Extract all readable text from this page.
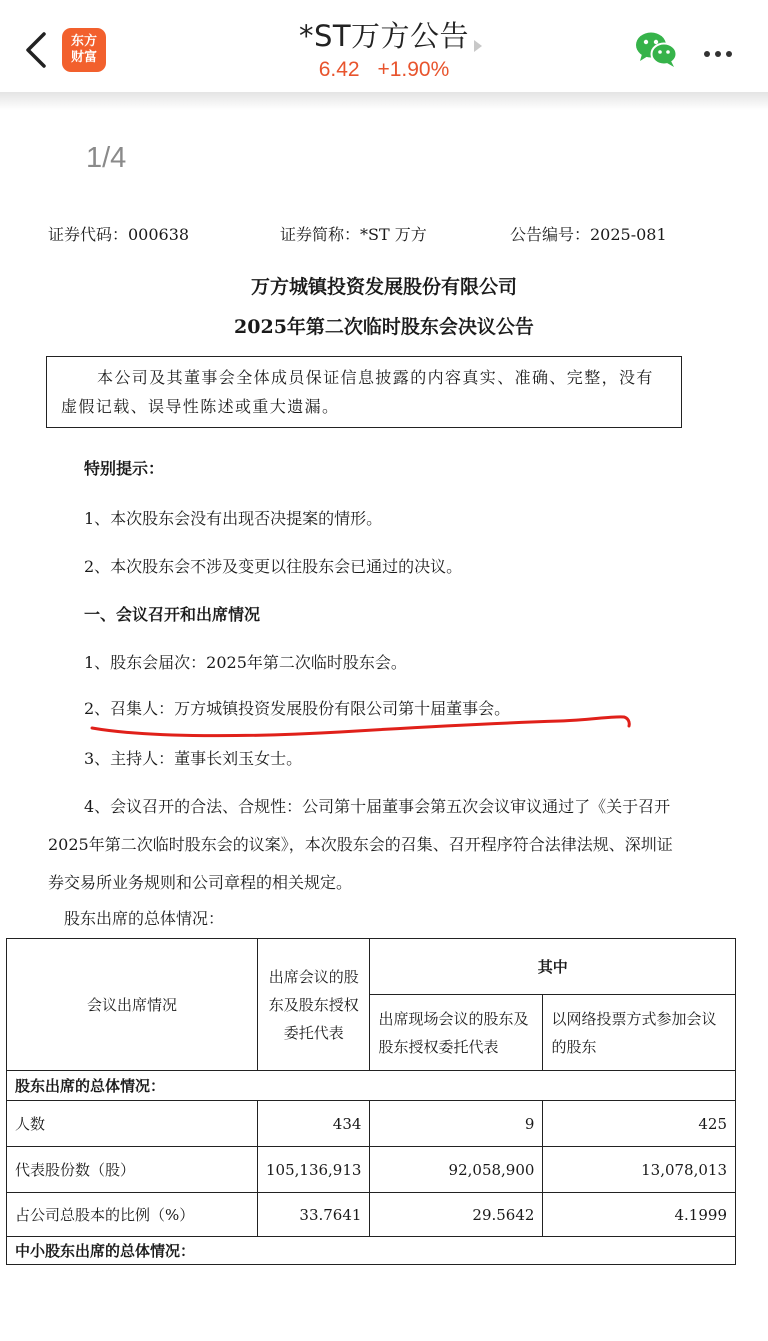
东方财富
*ST万方公告
6.42 +1.90%
1/4
证券代码：000638	证券简称：*ST 万方	公告编号：2025-081
万方城镇投资发展股份有限公司
2025年第二次临时股东会决议公告
本公司及其董事会全体成员保证信息披露的内容真实、准确、完整，没有虚假记载、误导性陈述或重大遗漏。
特别提示：
1、本次股东会没有出现否决提案的情形。
2、本次股东会不涉及变更以往股东会已通过的决议。
一、会议召开和出席情况
1、股东会届次：2025年第二次临时股东会。
2、召集人：万方城镇投资发展股份有限公司第十届董事会。
3、主持人：董事长刘玉女士。
4、会议召开的合法、合规性：公司第十届董事会第五次会议审议通过了《关于召开2025年第二次临时股东会的议案》，本次股东会的召集、召开程序符合法律法规、深圳证券交易所业务规则和公司章程的相关规定。
股东出席的总体情况：
会议出席情况	出席会议的股东及股东授权委托代表	其中	
		出席现场会议的股东及股东授权委托代表	以网络投票方式参加会议的股东
股东出席的总体情况：			
人数	434	9	425
代表股份数（股）	105,136,913	92,058,900	13,078,013
占公司总股本的比例（%）	33.7641	29.5642	4.1999
中小股东出席的总体情况：			
